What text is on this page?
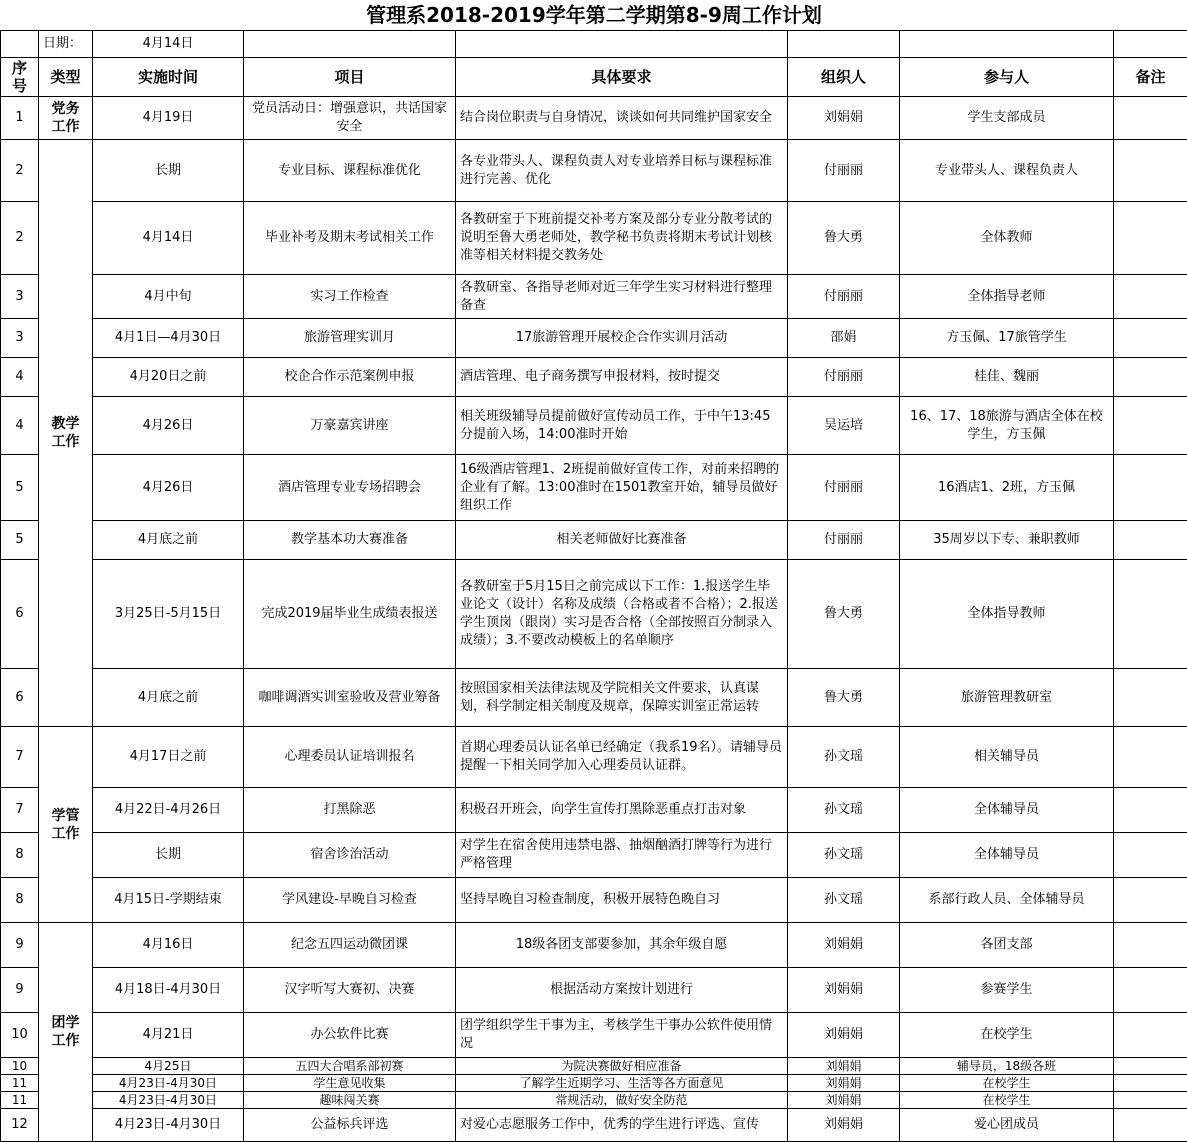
管理系2018-2019学年第二学期第8-9周工作计划							
	日期：	4月14日					
序号	类型	实施时间	项目	具体要求	组织人	参与人	备注
1	党务工作	4月19日	党员活动日：增强意识，共话国家安全	结合岗位职责与自身情况，谈谈如何共同维护国家安全	刘娟娟	学生支部成员	
2	教学工作	长期	专业目标、课程标准优化	各专业带头人、课程负责人对专业培养目标与课程标准进行完善、优化	付丽丽	专业带头人、课程负责人	
2		4月14日	毕业补考及期末考试相关工作	各教研室于下班前提交补考方案及部分专业分散考试的说明至鲁大勇老师处，教学秘书负责将期末考试计划核准等相关材料提交教务处	鲁大勇	全体教师	
3		4月中旬	实习工作检查	各教研室、各指导老师对近三年学生实习材料进行整理备查	付丽丽	全体指导老师	
3		4月1日—4月30日	旅游管理实训月	17旅游管理开展校企合作实训月活动	邵娟	方玉佩、17旅管学生	
4		4月20日之前	校企合作示范案例申报	酒店管理、电子商务撰写申报材料，按时提交	付丽丽	桂佳、魏丽	
4		4月26日	万豪嘉宾讲座	相关班级辅导员提前做好宣传动员工作，于中午13:45分提前入场，14:00准时开始	吴运培	16、17、18旅游与酒店全体在校学生，方玉佩	
5		4月26日	酒店管理专业专场招聘会	16级酒店管理1、2班提前做好宣传工作，对前来招聘的企业有了解。13:00准时在1501教室开始，辅导员做好组织工作	付丽丽	16酒店1、2班，方玉佩	
5		4月底之前	教学基本功大赛准备	相关老师做好比赛准备	付丽丽	35周岁以下专、兼职教师	
6		3月25日-5月15日	完成2019届毕业生成绩表报送	各教研室于5月15日之前完成以下工作：1.报送学生毕业论文（设计）名称及成绩（合格或者不合格）；2.报送学生顶岗（跟岗）实习是否合格（全部按照百分制录入成绩）；3.不要改动模板上的名单顺序	鲁大勇	全体指导教师	
6		4月底之前	咖啡调酒实训室验收及营业筹备	按照国家相关法律法规及学院相关文件要求，认真谋划，科学制定相关制度及规章，保障实训室正常运转	鲁大勇	旅游管理教研室	
7	学管工作	4月17日之前	心理委员认证培训报名	首期心理委员认证名单已经确定（我系19名）。请辅导员提醒一下相关同学加入心理委员认证群。	孙文瑶	相关辅导员	
7		4月22日-4月26日	打黑除恶	积极召开班会，向学生宣传打黑除恶重点打击对象	孙文瑶	全体辅导员	
8		长期	宿舍诊治活动	对学生在宿舍使用违禁电器、抽烟酗酒打牌等行为进行严格管理	孙文瑶	全体辅导员	
8		4月15日-学期结束	学风建设-早晚自习检查	坚持早晚自习检查制度，积极开展特色晚自习	孙文瑶	系部行政人员、全体辅导员	
9	团学工作	4月16日	纪念五四运动微团课	18级各团支部要参加，其余年级自愿	刘娟娟	各团支部	
9		4月18日-4月30日	汉字听写大赛初、决赛	根据活动方案按计划进行	刘娟娟	参赛学生	
10		4月21日	办公软件比赛	团学组织学生干事为主，考核学生干事办公软件使用情况	刘娟娟	在校学生	
10		4月25日	五四大合唱系部初赛	为院决赛做好相应准备	刘娟娟	辅导员，18级各班	
11		4月23日-4月30日	学生意见收集	了解学生近期学习、生活等各方面意见	刘娟娟	在校学生	
11		4月23日-4月30日	趣味闯关赛	常规活动，做好安全防范	刘娟娟	在校学生	
12		4月23日-4月30日	公益标兵评选	对爱心志愿服务工作中，优秀的学生进行评选、宣传	刘娟娟	爱心团成员	
